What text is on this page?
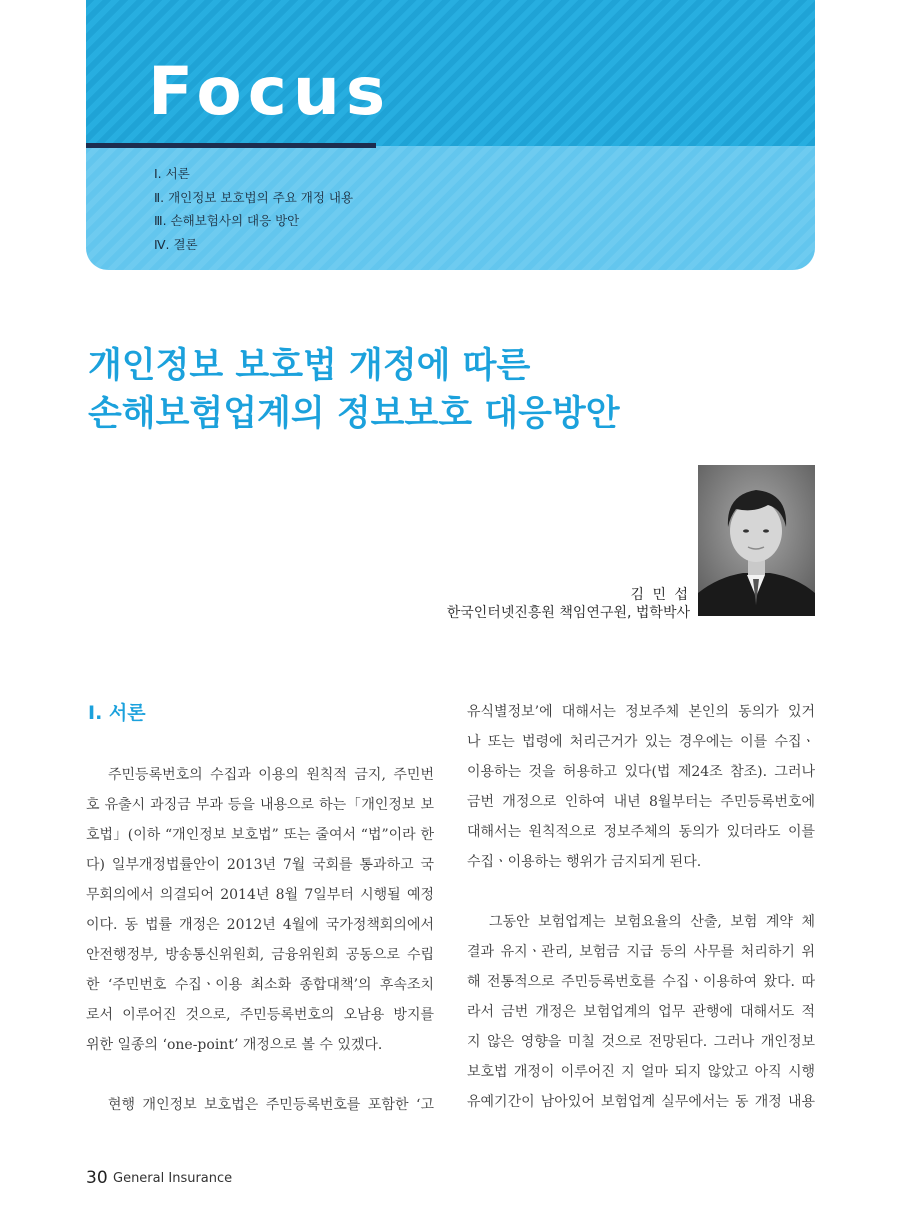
Focus
Ⅰ. 서론
Ⅱ. 개인정보 보호법의 주요 개정 내용
Ⅲ. 손해보험사의 대응 방안
Ⅳ. 결론
개인정보 보호법 개정에 따른
손해보험업계의 정보보호 대응방안

김 민 섭

한국인터넷진흥원 책임연구원, 법학박사

Ⅰ. 서론

주민등록번호의 수집과 이용의 원칙적 금지, 주민번

호 유출시 과징금 부과 등을 내용으로 하는「개인정보 보

호법」(이하 “개인정보 보호법” 또는 줄여서 “법”이라 한

다) 일부개정법률안이 2013년 7월 국회를 통과하고 국

무회의에서 의결되어 2014년 8월 7일부터 시행될 예정

이다. 동 법률 개정은 2012년 4월에 국가정책회의에서

안전행정부, 방송통신위원회, 금융위원회 공동으로 수립

한 ‘주민번호 수집ㆍ이용 최소화 종합대책’의 후속조치

로서 이루어진 것으로, 주민등록번호의 오남용 방지를

위한 일종의 ‘one-point’ 개정으로 볼 수 있겠다.

현행 개인정보 보호법은 주민등록번호를 포함한 ‘고

유식별정보’에 대해서는 정보주체 본인의 동의가 있거

나 또는 법령에 처리근거가 있는 경우에는 이를 수집ㆍ

이용하는 것을 허용하고 있다(법 제24조 참조). 그러나

금번 개정으로 인하여 내년 8월부터는 주민등록번호에

대해서는 원칙적으로 정보주체의 동의가 있더라도 이를

수집ㆍ이용하는 행위가 금지되게 된다.

그동안 보험업계는 보험요율의 산출, 보험 계약 체

결과 유지ㆍ관리, 보험금 지급 등의 사무를 처리하기 위

해 전통적으로 주민등록번호를 수집ㆍ이용하여 왔다. 따

라서 금번 개정은 보험업계의 업무 관행에 대해서도 적

지 않은 영향을 미칠 것으로 전망된다. 그러나 개인정보

보호법 개정이 이루어진 지 얼마 되지 않았고 아직 시행

유예기간이 남아있어 보험업계 실무에서는 동 개정 내용

30 General Insurance
